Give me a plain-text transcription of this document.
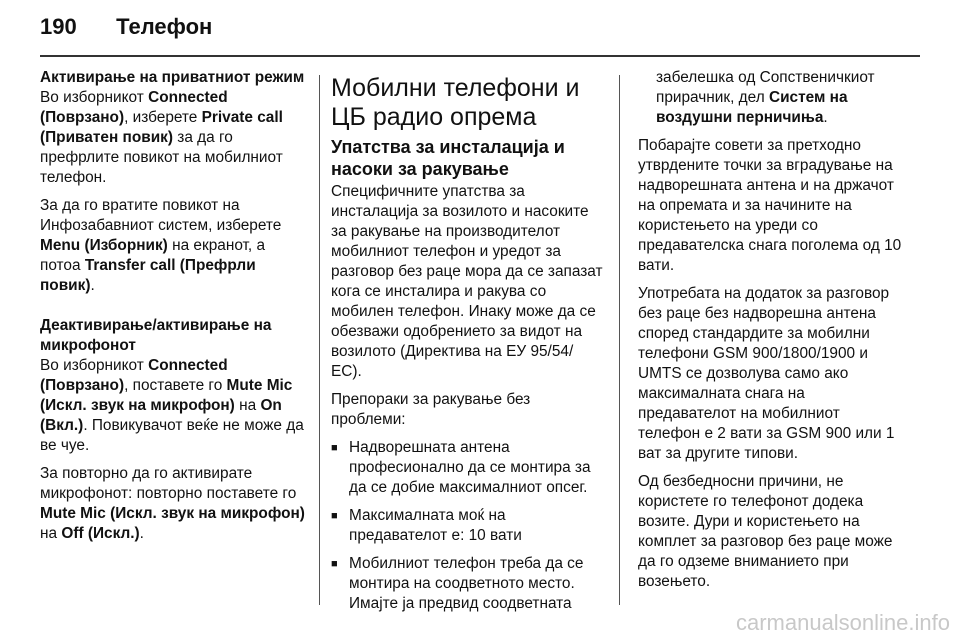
190 Телефон
Активирање на приватниот режим

Во изборникот Connected (Поврзано), изберете Private call (Приватен повик) за да го префрлите повикот на мобилниот телефон.

За да го вратите повикот на Инфозабавниот систем, изберете Menu (Изборник) на екранот, а потоа Transfer call (Префрли повик).

Деактивирање/активирање на микрофонот

Во изборникот Connected (Поврзано), поставете го Mute Mic (Искл. звук на микрофон) на On (Вкл.). Повикувачот веќе не може да ве чуе.

За повторно да го активирате микрофонот: повторно поставете го Mute Mic (Искл. звук на микрофон) на Off (Искл.).

Мобилни телефони и ЦБ радио опрема
Упатства за инсталација и насоки за ракување

Специфичните упатства за инсталација за возилото и насоките за ракување на производителот мобилниот телефон и уредот за разговор без раце мора да се запазат кога се инсталира и ракува со мобилен телефон. Инаку може да се обезважи одобрението за видот на возилото (Директива на ЕУ 95/54/ ЕС).

Препораки за ракување без проблеми:

■ Надворешната антена професионално да се монтира за да се добие максималниот опсег.
■ Максималната моќ на предавателот е: 10 вати
■ Мобилниот телефон треба да се монтира на соодветното место. Имајте ја предвид соодветната

забелешка од Сопственичкиот прирачник, дел Систем на воздушни перничиња.

Побарајте совети за претходно утврдените точки за вградување на надворешната антена и на држачот на опремата и за начините на користењето на уреди со предавателска снага поголема од 10 вати.

Употребата на додаток за разговор без раце без надворешна антена според стандардите за мобилни телефони GSM 900/1800/1900 и UMTS се дозволува само ако максималната снага на предавателот на мобилниот телефон е 2 вати за GSM 900 или 1 ват за другите типови.

Од безбедносни причини, не користете го телефонот додека возите. Дури и користењето на комплет за разговор без раце може да го одземе вниманието при возењето.

carmanualsonline.info
